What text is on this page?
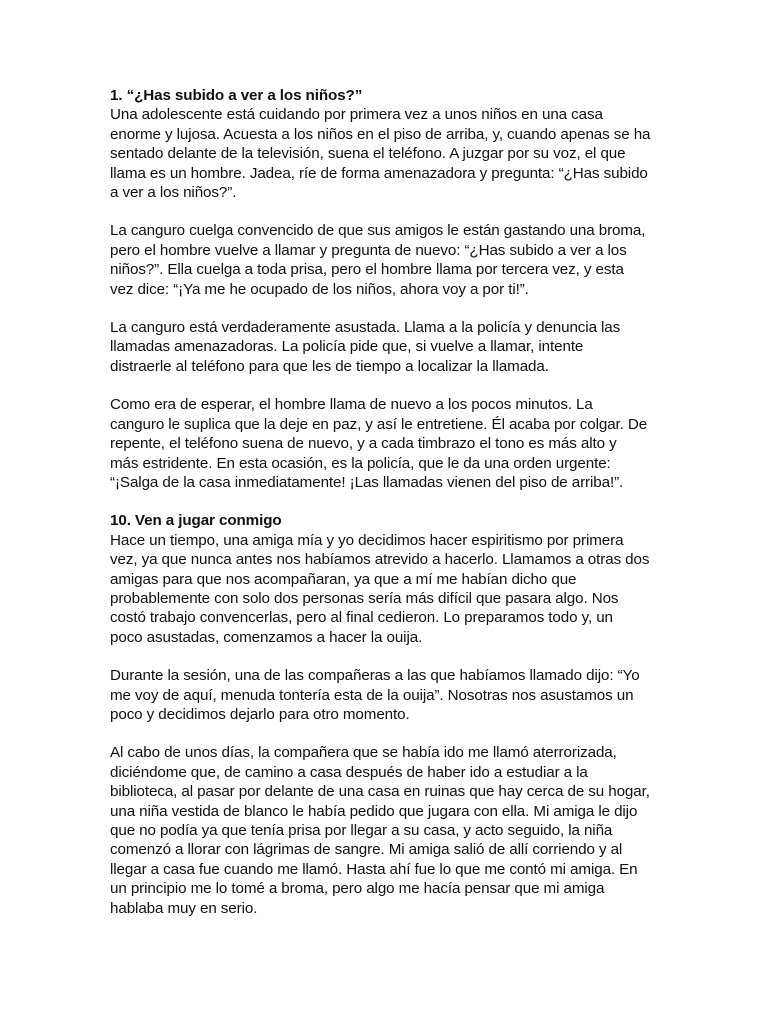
1. “¿Has subido a ver a los niños?”

Una adolescente está cuidando por primera vez a unos niños en una casa
enorme y lujosa. Acuesta a los niños en el piso de arriba, y, cuando apenas se ha
sentado delante de la televisión, suena el teléfono. A juzgar por su voz, el que
llama es un hombre. Jadea, ríe de forma amenazadora y pregunta: “¿Has subido
a ver a los niños?”.

La canguro cuelga convencido de que sus amigos le están gastando una broma,
pero el hombre vuelve a llamar y pregunta de nuevo: “¿Has subido a ver a los
niños?”. Ella cuelga a toda prisa, pero el hombre llama por tercera vez, y esta
vez dice: “¡Ya me he ocupado de los niños, ahora voy a por ti!”.

La canguro está verdaderamente asustada. Llama a la policía y denuncia las
llamadas amenazadoras. La policía pide que, si vuelve a llamar, intente
distraerle al teléfono para que les de tiempo a localizar la llamada.

Como era de esperar, el hombre llama de nuevo a los pocos minutos. La
canguro le suplica que la deje en paz, y así le entretiene. Él acaba por colgar. De
repente, el teléfono suena de nuevo, y a cada timbrazo el tono es más alto y
más estridente. En esta ocasión, es la policía, que le da una orden urgente:
“¡Salga de la casa inmediatamente! ¡Las llamadas vienen del piso de arriba!”.

10. Ven a jugar conmigo

Hace un tiempo, una amiga mía y yo decidimos hacer espiritismo por primera
vez, ya que nunca antes nos habíamos atrevido a hacerlo. Llamamos a otras dos
amigas para que nos acompañaran, ya que a mí me habían dicho que
probablemente con solo dos personas sería más difícil que pasara algo. Nos
costó trabajo convencerlas, pero al final cedieron. Lo preparamos todo y, un
poco asustadas, comenzamos a hacer la ouija.

Durante la sesión, una de las compañeras a las que habíamos llamado dijo: “Yo
me voy de aquí, menuda tontería esta de la ouija”. Nosotras nos asustamos un
poco y decidimos dejarlo para otro momento.

Al cabo de unos días, la compañera que se había ido me llamó aterrorizada,
diciéndome que, de camino a casa después de haber ido a estudiar a la
biblioteca, al pasar por delante de una casa en ruinas que hay cerca de su hogar,
una niña vestida de blanco le había pedido que jugara con ella. Mi amiga le dijo
que no podía ya que tenía prisa por llegar a su casa, y acto seguido, la niña
comenzó a llorar con lágrimas de sangre. Mi amiga salió de allí corriendo y al
llegar a casa fue cuando me llamó. Hasta ahí fue lo que me contó mi amiga. En
un principio me lo tomé a broma, pero algo me hacía pensar que mi amiga
hablaba muy en serio.
